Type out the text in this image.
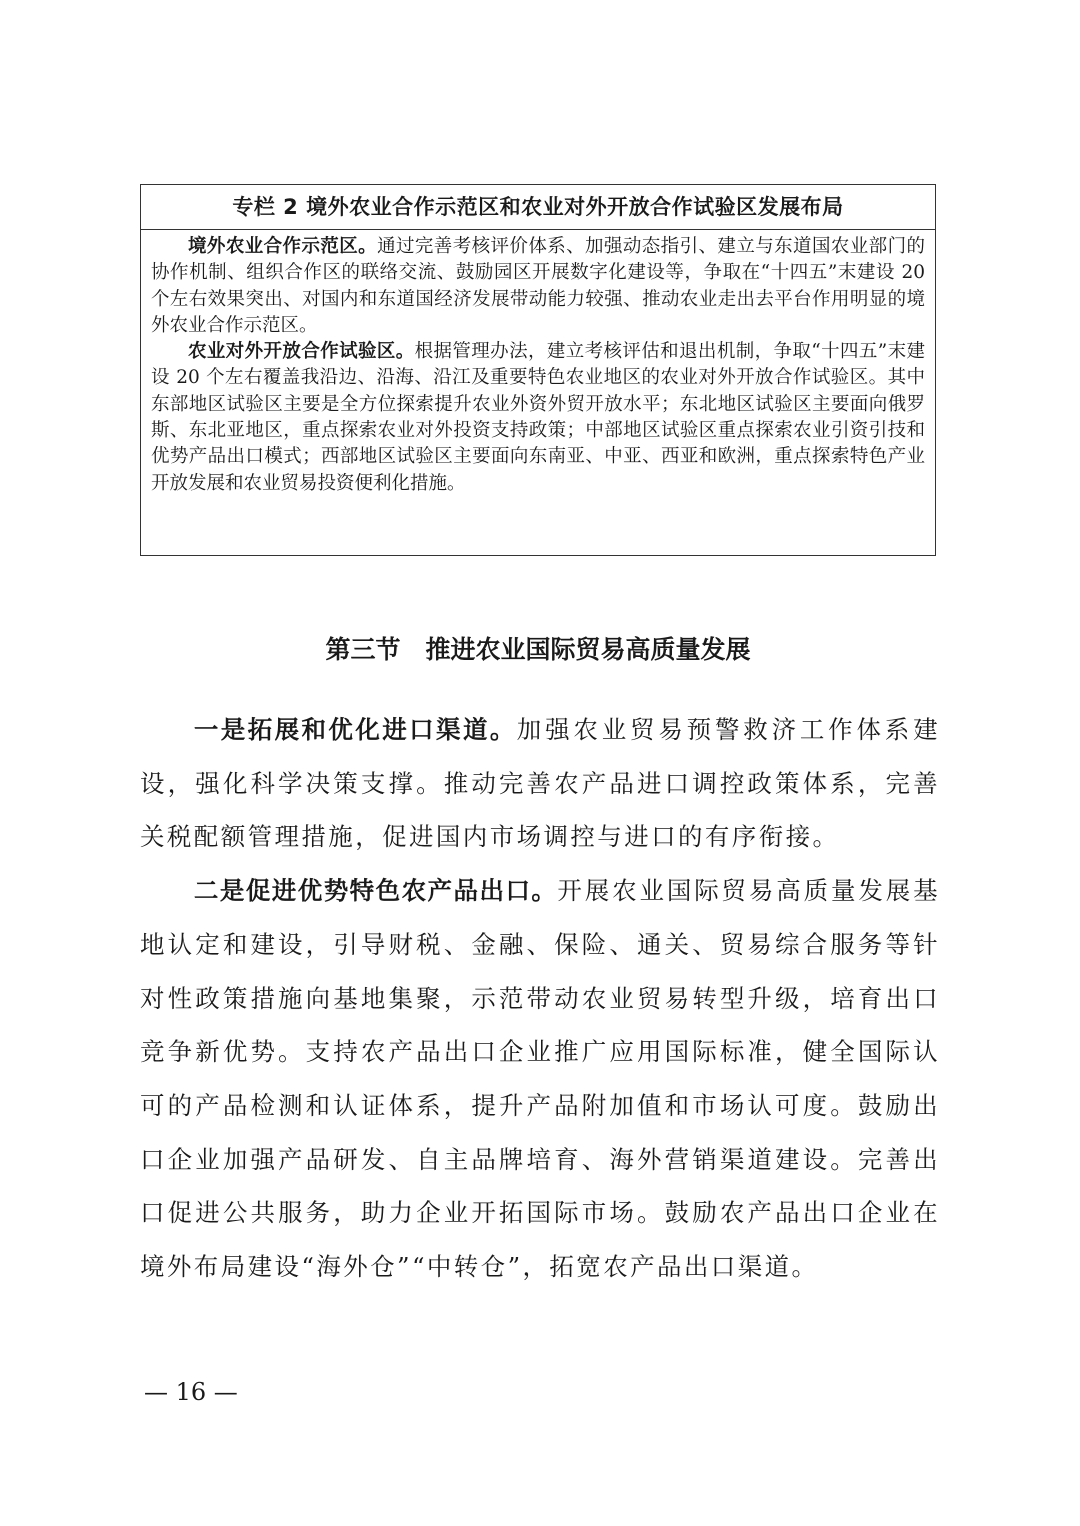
专栏 2 境外农业合作示范区和农业对外开放合作试验区发展布局

境外农业合作示范区。通过完善考核评价体系、加强动态指引、建立与东道国农业部门的协作机制、组织合作区的联络交流、鼓励园区开展数字化建设等，争取在“十四五”末建设 20 个左右效果突出、对国内和东道国经济发展带动能力较强、推动农业走出去平台作用明显的境外农业合作示范区。

农业对外开放合作试验区。根据管理办法，建立考核评估和退出机制，争取“十四五”末建设 20 个左右覆盖我沿边、沿海、沿江及重要特色农业地区的农业对外开放合作试验区。其中东部地区试验区主要是全方位探索提升农业外资外贸开放水平；东北地区试验区主要面向俄罗斯、东北亚地区，重点探索农业对外投资支持政策；中部地区试验区重点探索农业引资引技和优势产品出口模式；西部地区试验区主要面向东南亚、中亚、西亚和欧洲，重点探索特色产业开放发展和农业贸易投资便利化措施。

第三节　推进农业国际贸易高质量发展

一是拓展和优化进口渠道。加强农业贸易预警救济工作体系建设，强化科学决策支撑。推动完善农产品进口调控政策体系，完善关税配额管理措施，促进国内市场调控与进口的有序衔接。

二是促进优势特色农产品出口。开展农业国际贸易高质量发展基地认定和建设，引导财税、金融、保险、通关、贸易综合服务等针对性政策措施向基地集聚，示范带动农业贸易转型升级，培育出口竞争新优势。支持农产品出口企业推广应用国际标准，健全国际认可的产品检测和认证体系，提升产品附加值和市场认可度。鼓励出口企业加强产品研发、自主品牌培育、海外营销渠道建设。完善出口促进公共服务，助力企业开拓国际市场。鼓励农产品出口企业在境外布局建设“海外仓”“中转仓”，拓宽农产品出口渠道。

— 16 —
